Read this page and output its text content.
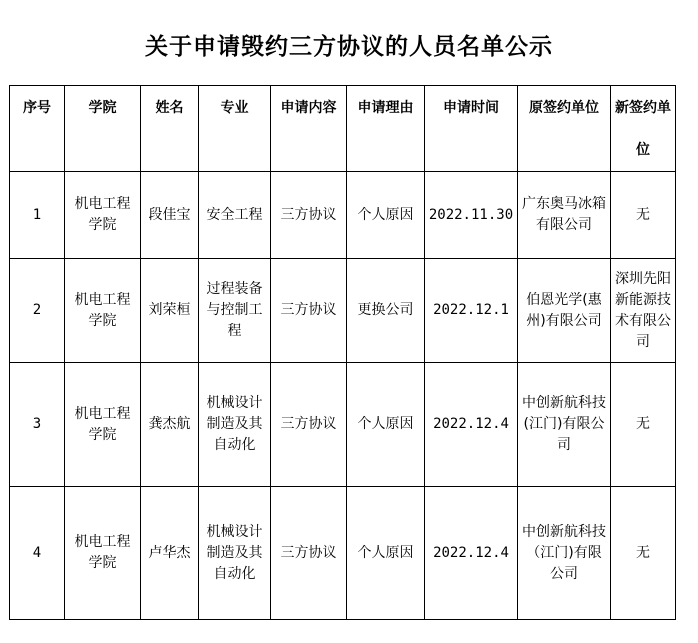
关于申请毁约三方协议的人员名单公示
序号	学院	姓名	专业	申请内容	申请理由	申请时间	原签约单位	新签约单位
1	机电工程学院	段佳宝	安全工程	三方协议	个人原因	2022.11.30	广东奥马冰箱有限公司	无
2	机电工程学院	刘荣桓	过程装备与控制工程	三方协议	更换公司	2022.12.1	伯恩光学(惠州)有限公司	深圳先阳新能源技术有限公司
3	机电工程学院	龚杰航	机械设计制造及其自动化	三方协议	个人原因	2022.12.4	中创新航科技(江门)有限公司	无
4	机电工程学院	卢华杰	机械设计制造及其自动化	三方协议	个人原因	2022.12.4	中创新航科技（江门)有限公司	无
